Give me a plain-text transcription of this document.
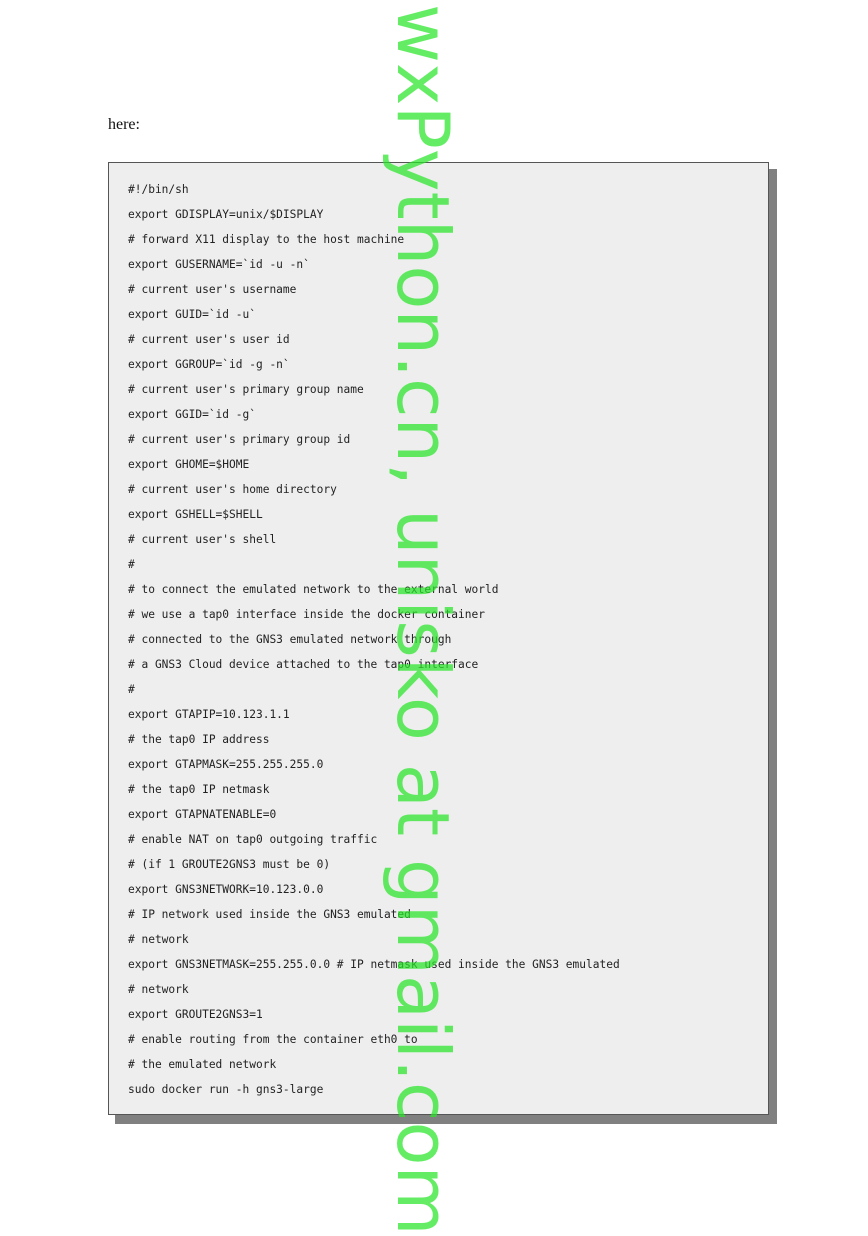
here:

#!/bin/sh
export GDISPLAY=unix/$DISPLAY
# forward X11 display to the host machine
export GUSERNAME=`id -u -n`
# current user's username
export GUID=`id -u`
# current user's user id
export GGROUP=`id -g -n`
# current user's primary group name
export GGID=`id -g`
# current user's primary group id
export GHOME=$HOME
# current user's home directory
export GSHELL=$SHELL
# current user's shell
#
# to connect the emulated network to the external world
# we use a tap0 interface inside the docker container
# connected to the GNS3 emulated network through
# a GNS3 Cloud device attached to the tap0 interface
#
export GTAPIP=10.123.1.1
# the tap0 IP address
export GTAPMASK=255.255.255.0
# the tap0 IP netmask
export GTAPNATENABLE=0
# enable NAT on tap0 outgoing traffic
# (if 1 GROUTE2GNS3 must be 0)
export GNS3NETWORK=10.123.0.0
# IP network used inside the GNS3 emulated
# network
export GNS3NETMASK=255.255.0.0 # IP netmask used inside the GNS3 emulated
# network
export GROUTE2GNS3=1
# enable routing from the container eth0 to
# the emulated network
sudo docker run -h gns3-large wxPython.cn, unisko at gmail.com
